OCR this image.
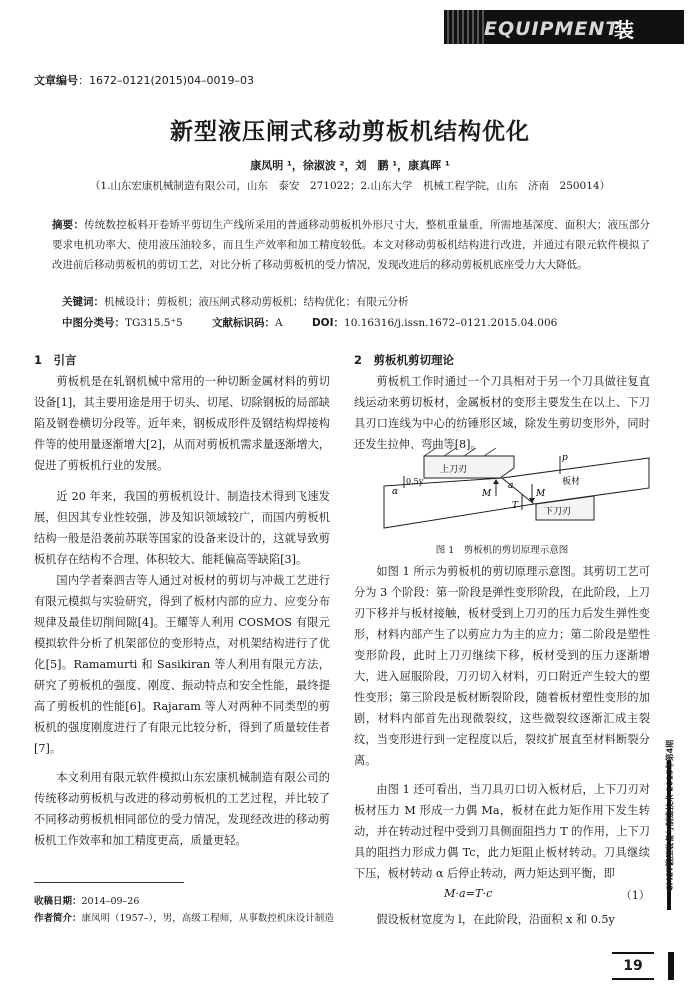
EQUIPMENT
装 备
文章编号：1672–0121(2015)04–0019–03
新型液压闸式移动剪板机结构优化
康凤明 ¹，徐淑波 ²，刘　鹏 ¹，康真晖 ¹
（1.山东宏康机械制造有限公司，山东　泰安　271022；2.山东大学　机械工程学院，山东　济南　250014）
摘要：传统数控板料开卷矫平剪切生产线所采用的普通移动剪板机外形尺寸大，整机重量重，所需地基深度、面积大；液压部分要求电机功率大、使用液压油较多，而且生产效率和加工精度较低。本文对移动剪板机结构进行改进，并通过有限元软件模拟了改进前后移动剪板机的剪切工艺，对比分析了移动剪板机的受力情况，发现改进后的移动剪板机底座受力大大降低。
关键词：机械设计；剪板机；液压闸式移动剪板机；结构优化；有限元分析
中图分类号：TG315.5⁺5	文献标识码：A	DOI：10.16316/j.issn.1672–0121.2015.04.006
1　引言

剪板机是在轧钢机械中常用的一种切断金属材料的剪切设备[1]，其主要用途是用于切头、切尾、切除钢板的局部缺陷及钢卷横切分段等。近年来，钢板成形件及钢结构焊接构件等的使用量逐渐增大[2]，从而对剪板机需求量逐渐增大，促进了剪板机行业的发展。

近 20 年来，我国的剪板机设计、制造技术得到飞速发展，但因其专业性较强，涉及知识领域较广，而国内剪板机结构一般是沿袭前苏联等国家的设备来设计的，这就导致剪板机存在结构不合理、体积较大、能耗偏高等缺陷[3]。

国内学者秦泗吉等人通过对板材的剪切与冲裁工艺进行有限元模拟与实验研究，得到了板材内部的应力、应变分布规律及最佳切削间隙[4]。王耀等人利用 COSMOS 有限元模拟软件分析了机架部位的变形特点，对机架结构进行了优化[5]。Ramamurti 和 Sasikiran 等人利用有限元方法，研究了剪板机的强度、刚度、振动特点和安全性能，最终提高了剪板机的性能[6]。Rajaram 等人对两种不同类型的剪板机的强度刚度进行了有限元比较分析，得到了质量较佳者[7]。

本文利用有限元软件模拟山东宏康机械制造有限公司的传统移动剪板机与改进的移动剪板机的工艺过程，并比较了不同移动剪板机相同部位的受力情况，发现经改进的移动剪板机工作效率和加工精度更高，质量更轻。

收稿日期：2014–09–26
作者简介：康凤明（1957–），男，高级工程师，从事数控机床设计制造
2　剪板机剪切理论

剪板机工作时通过一个刀具相对于另一个刀具做往复直线运动来剪切板材，金属板材的变形主要发生在以上、下刀具刃口连线为中心的纺锤形区域，除发生剪切变形外，同时还发生拉伸、弯曲等[8]。

上刀刃
板材
下刀刃
p
a
α
0.5y
M	M
T
图 1　剪板机的剪切原理示意图

如图 1 所示为剪板机的剪切原理示意图。其剪切工艺可分为 3 个阶段：第一阶段是弹性变形阶段，在此阶段，上刀刃下移并与板材接触，板材受到上刀刃的压力后发生弹性变形，材料内部产生了以剪应力为主的应力；第二阶段是塑性变形阶段，此时上刀刃继续下移，板材受到的压力逐渐增大，进入屈服阶段，刀刃切入材料，刃口附近产生较大的塑性变形；第三阶段是板材断裂阶段，随着板材塑性变形的加剧，材料内部首先出现微裂纹，这些微裂纹逐渐汇成主裂纹，当变形进行到一定程度以后，裂纹扩展直至材料断裂分离。

由图 1 还可看出，当刀具刃口切入板材后，上下刀刃对板材压力 M 形成一力偶 Ma，板材在此力矩作用下发生转动，并在转动过程中受到刀具侧面阻挡力 T 的作用，上下刀具的阻挡力形成力偶 Tc，此力矩阻止板材转动。刀具继续下压，板材转动 α 后停止转动，两力矩达到平衡，即

M·a=T·c	（1）

假设板材宽度为 l，在此阶段，沿面积 x 和 0.5y

CMET锻压装备与制造技术 2015年第4期
19
